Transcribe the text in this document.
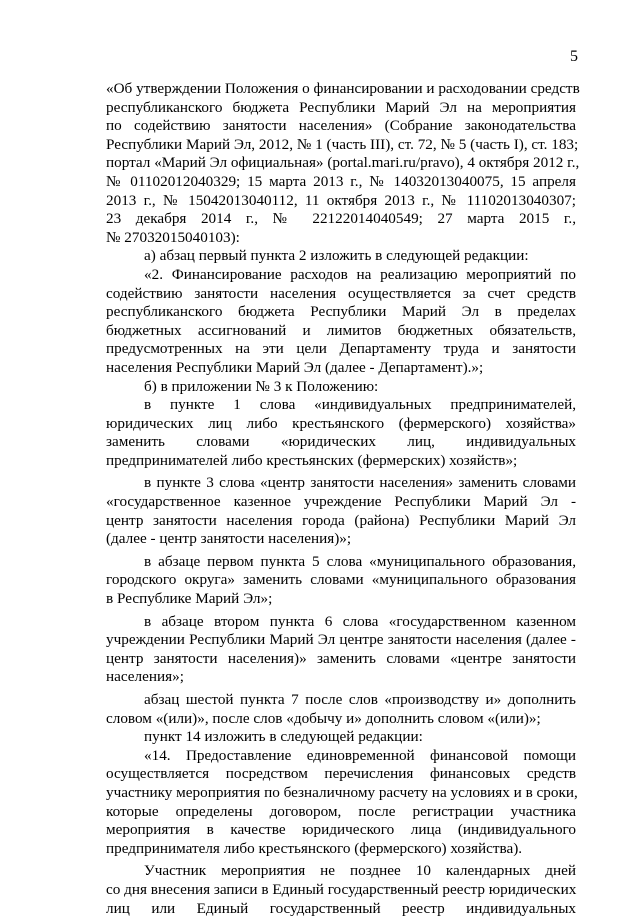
5
«Об утверждении Положения о финансировании и расходовании средств
республиканского бюджета Республики Марий Эл на мероприятия
по содействию занятости населения» (Собрание законодательства
Республики Марий Эл, 2012, № 1 (часть III), ст. 72, № 5 (часть I), ст. 183;
портал «Марий Эл официальная» (portal.mari.ru/pravo), 4 октября 2012 г.,
№ 01102012040329; 15 марта 2013 г., № 14032013040075, 15 апреля
2013 г., № 15042013040112, 11 октября 2013 г., № 11102013040307;
23 декабря 2014 г., № 22122014040549; 27 марта 2015 г.,
№ 27032015040103):
а) абзац первый пункта 2 изложить в следующей редакции:
«2. Финансирование расходов на реализацию мероприятий по
содействию занятости населения осуществляется за счет средств
республиканского бюджета Республики Марий Эл в пределах
бюджетных ассигнований и лимитов бюджетных обязательств,
предусмотренных на эти цели Департаменту труда и занятости
населения Республики Марий Эл (далее - Департамент).»;
б) в приложении № 3 к Положению:
в пункте 1 слова «индивидуальных предпринимателей,
юридических лиц либо крестьянского (фермерского) хозяйства»
заменить словами «юридических лиц, индивидуальных
предпринимателей либо крестьянских (фермерских) хозяйств»;
в пункте 3 слова «центр занятости населения» заменить словами
«государственное казенное учреждение Республики Марий Эл -
центр занятости населения города (района) Республики Марий Эл
(далее - центр занятости населения)»;
в абзаце первом пункта 5 слова «муниципального образования,
городского округа» заменить словами «муниципального образования
в Республике Марий Эл»;
в абзаце втором пункта 6 слова «государственном казенном
учреждении Республики Марий Эл центре занятости населения (далее -
центр занятости населения)» заменить словами «центре занятости
населения»;
абзац шестой пункта 7 после слов «производству и» дополнить
словом «(или)», после слов «добычу и» дополнить словом «(или)»;
пункт 14 изложить в следующей редакции:
«14. Предоставление единовременной финансовой помощи
осуществляется посредством перечисления финансовых средств
участнику мероприятия по безналичному расчету на условиях и в сроки,
которые определены договором, после регистрации участника
мероприятия в качестве юридического лица (индивидуального
предпринимателя либо крестьянского (фермерского) хозяйства).
Участник мероприятия не позднее 10 календарных дней
со дня внесения записи в Единый государственный реестр юридических
лиц или Единый государственный реестр индивидуальных
